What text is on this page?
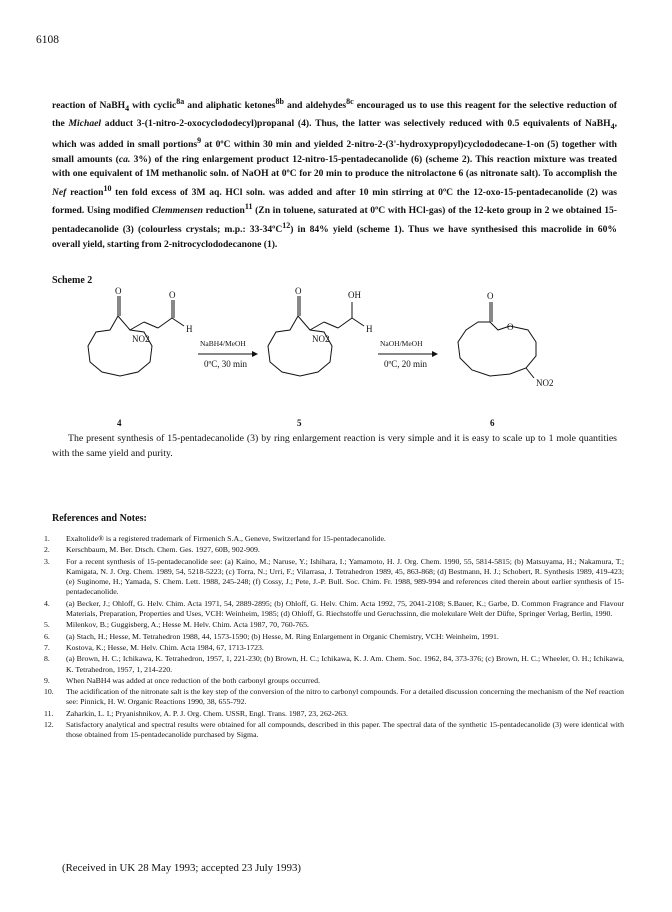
6108
reaction of NaBH$_4$ with cyclic$^{8a}$ and aliphatic ketones$^{8b}$ and aldehydes$^{8c}$ encouraged us to use this reagent for the selective reduction of the Michael adduct 3-(1-nitro-2-oxocyclododecyl)propanal (4). Thus, the latter was selectively reduced with 0.5 equivalents of NaBH$_4$, which was added in small portions$^9$ at 0ºC within 30 min and yielded 2-nitro-2-(3'-hydroxypropyl)cyclododecane-1-on (5) together with small amounts (ca. 3%) of the ring enlargement product 12-nitro-15-pentadecanolide (6) (scheme 2). This reaction mixture was treated with one equivalent of 1M methanolic soln. of NaOH at 0ºC for 20 min to produce the nitrolactone 6 (as nitronate salt). To accomplish the Nef reaction$^{10}$ ten fold excess of 3M aq. HCl soln. was added and after 10 min stirring at 0ºC the 12-oxo-15-pentadecanolide (2) was formed. Using modified Clemmensen reduction$^{11}$ (Zn in toluene, saturated at 0ºC with HCl-gas) of the 12-keto group in 2 we obtained 15-pentadecanolide (3) (colourless crystals; m.p.: 33-34ºC$^{12}$) in 84% yield (scheme 1). Thus we have synthesised this macrolide in 60% overall yield, starting from 2-nitrocyclododecanone (1).
Scheme 2
O	O
H
NO2	NaBH4/MeOH
0ºC, 30 min
O	OH
H
NO2	NaOH/MeOH
0ºC, 20 min
O
O
NO2
4	5	6
The present synthesis of 15-pentadecanolide (3) by ring enlargement reaction is very simple and it is easy to scale up to 1 mole quantities with the same yield and purity.
References and Notes:
1.	Exaltolide® is a registered trademark of Firmenich S.A., Geneve, Switzerland for 15-pentadecanolide.
2.	Kerschbaum, M. Ber. Dtsch. Chem. Ges. 1927, 60B, 902-909.
3.	For a recent synthesis of 15-pentadecanolide see: (a) Kaino, M.; Naruse, Y.; Ishihara, I.; Yamamoto, H. J. Org. Chem. 1990, 55, 5814-5815; (b) Matsuyama, H.; Nakamura, T.; Kamigata, N. J. Org. Chem. 1989, 54, 5218-5223; (c) Torra, N.; Urri, F.; Vilarrasa, J. Tetrahedron 1989, 45, 863-868; (d) Bestmann, H. J.; Schobert, R. Synthesis 1989, 419-423; (e) Suginome, H.; Yamada, S. Chem. Lett. 1988, 245-248; (f) Cossy, J.; Pete, J.-P. Bull. Soc. Chim. Fr. 1988, 989-994 and references cited therein about earlier synthesis of 15-pentadecanolide.
4.	(a) Becker, J.; Ohloff, G. Helv. Chim. Acta 1971, 54, 2889-2895; (b) Ohloff, G. Helv. Chim. Acta 1992, 75, 2041-2108; S.Bauer, K.; Garbe, D. Common Fragrance and Flavour Materials, Preparation, Properties and Uses, VCH: Weinheim, 1985; (d) Ohloff, G. Riechstoffe und Geruchssinn, die molekulare Welt der Düfte, Springer Verlag, Berlin, 1990.
5.	Milenkov, B.; Guggisberg, A.; Hesse M. Helv. Chim. Acta 1987, 70, 760-765.
6.	(a) Stach, H.; Hesse, M. Tetrahedron 1988, 44, 1573-1590; (b) Hesse, M. Ring Enlargement in Organic Chemistry, VCH: Weinheim, 1991.
7.	Kostova, K.; Hesse, M. Helv. Chim. Acta 1984, 67, 1713-1723.
8.	(a) Brown, H. C.; Ichikawa, K. Tetrahedron, 1957, 1, 221-230; (b) Brown, H. C.; Ichikawa, K. J. Am. Chem. Soc. 1962, 84, 373-376; (c) Brown, H. C.; Wheeler, O. H.; Ichikawa, K. Tetrahedron, 1957, 1, 214-220.
9.	When NaBH4 was added at once reduction of the both carbonyl groups occurred.
10.	The acidification of the nitronate salt is the key step of the conversion of the nitro to carbonyl compounds. For a detailed discussion concerning the mechanism of the Nef reaction see: Pinnick, H. W. Organic Reactions 1990, 38, 655-792.
11.	Zaharkin, L. I.; Pryanishnikov, A. P. J. Org. Chem. USSR, Engl. Trans. 1987, 23, 262-263.
12.	Satisfactory analytical and spectral results were obtained for all compounds, described in this paper. The spectral data of the synthetic 15-pentadecanolide (3) were identical with those obtained from 15-pentadecanolide purchased by Sigma.
(Received in UK 28 May 1993; accepted 23 July 1993)
